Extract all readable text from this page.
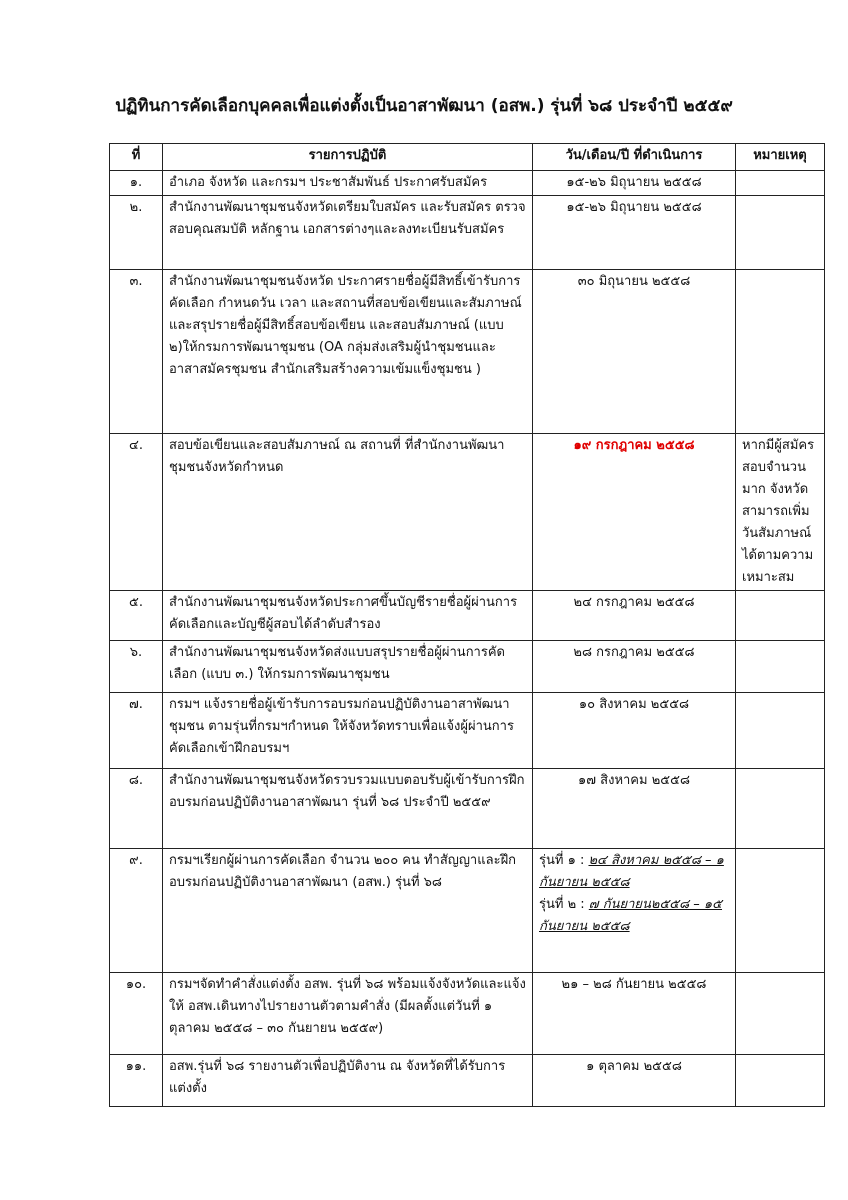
ปฏิทินการคัดเลือกบุคคลเพื่อแต่งตั้งเป็นอาสาพัฒนา (อสพ.) รุ่นที่ ๖๘ ประจำปี ๒๕๕๙
ที่	รายการปฏิบัติ	วัน/เดือน/ปี ที่ดำเนินการ	หมายเหตุ
๑.	อำเภอ จังหวัด และกรมฯ ประชาสัมพันธ์ ประกาศรับสมัคร	๑๕-๒๖ มิถุนายน ๒๕๕๘	
๒.	สำนักงานพัฒนาชุมชนจังหวัดเตรียมใบสมัคร และรับสมัคร ตรวจสอบคุณสมบัติ หลักฐาน เอกสารต่างๆและลงทะเบียนรับสมัคร	๑๕-๒๖ มิถุนายน ๒๕๕๘	
๓.	สำนักงานพัฒนาชุมชนจังหวัด ประกาศรายชื่อผู้มีสิทธิ์เข้ารับการคัดเลือก กำหนดวัน เวลา และสถานที่สอบข้อเขียนและสัมภาษณ์ และสรุปรายชื่อผู้มีสิทธิ์สอบข้อเขียน และสอบสัมภาษณ์ (แบบ ๒)ให้กรมการพัฒนาชุมชน (OA กลุ่มส่งเสริมผู้นำชุมชนและอาสาสมัครชุมชน สำนักเสริมสร้างความเข้มแข็งชุมชน )	๓๐ มิถุนายน ๒๕๕๘	
๔.	สอบข้อเขียนและสอบสัมภาษณ์ ณ สถานที่ ที่สำนักงานพัฒนาชุมชนจังหวัดกำหนด	๑๙ กรกฎาคม ๒๕๕๘	หากมีผู้สมัครสอบจำนวนมาก จังหวัดสามารถเพิ่มวันสัมภาษณ์ได้ตามความเหมาะสม
๕.	สำนักงานพัฒนาชุมชนจังหวัดประกาศขึ้นบัญชีรายชื่อผู้ผ่านการคัดเลือกและบัญชีผู้สอบได้ลำดับสำรอง	๒๔ กรกฎาคม ๒๕๕๘	
๖.	สำนักงานพัฒนาชุมชนจังหวัดส่งแบบสรุปรายชื่อผู้ผ่านการคัดเลือก (แบบ ๓.) ให้กรมการพัฒนาชุมชน	๒๘ กรกฎาคม ๒๕๕๘	
๗.	กรมฯ แจ้งรายชื่อผู้เข้ารับการอบรมก่อนปฏิบัติงานอาสาพัฒนาชุมชน ตามรุ่นที่กรมฯกำหนด ให้จังหวัดทราบเพื่อแจ้งผู้ผ่านการคัดเลือกเข้าฝึกอบรมฯ	๑๐ สิงหาคม ๒๕๕๘	
๘.	สำนักงานพัฒนาชุมชนจังหวัดรวบรวมแบบตอบรับผู้เข้ารับการฝึกอบรมก่อนปฏิบัติงานอาสาพัฒนา รุ่นที่ ๖๘ ประจำปี ๒๕๕๙	๑๗ สิงหาคม ๒๕๕๘	
๙.	กรมฯเรียกผู้ผ่านการคัดเลือก จำนวน ๒๐๐ คน ทำสัญญาและฝึกอบรมก่อนปฏิบัติงานอาสาพัฒนา (อสพ.) รุ่นที่ ๖๘	รุ่นที่ ๑ : ๒๔ สิงหาคม ๒๕๕๘ – ๑ กันยายน ๒๕๕๘
รุ่นที่ ๒ : ๗ กันยายน๒๕๕๘ – ๑๕ กันยายน ๒๕๕๘	

๑๐.	กรมฯจัดทำคำสั่งแต่งตั้ง อสพ. รุ่นที่ ๖๘ พร้อมแจ้งจังหวัดและแจ้งให้ อสพ.เดินทางไปรายงานตัวตามคำสั่ง (มีผลตั้งแต่วันที่ ๑ ตุลาคม ๒๕๕๘ – ๓๐ กันยายน ๒๕๕๙)	๒๑ – ๒๘ กันยายน ๒๕๕๘	
๑๑.	อสพ.รุ่นที่ ๖๘ รายงานตัวเพื่อปฏิบัติงาน ณ จังหวัดที่ได้รับการแต่งตั้ง	๑ ตุลาคม ๒๕๕๘	
